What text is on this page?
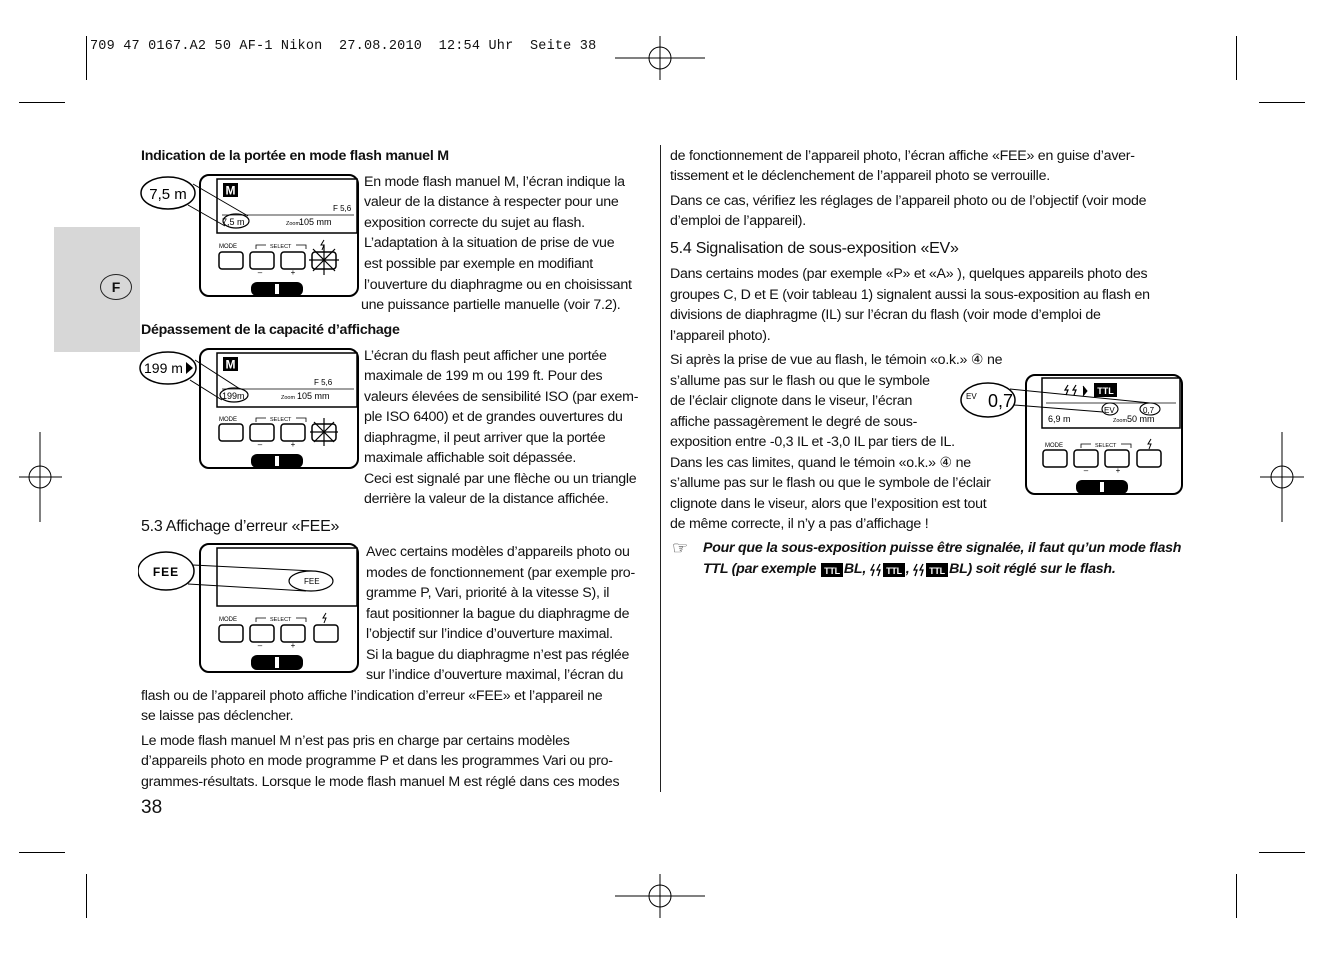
709 47 0167.A2 50 AF-1 Nikon  27.08.2010  12:54 Uhr  Seite 38
F
Indication de la portée en mode flash manuel M
En mode flash manuel M, l’écran indique la
valeur de la distance à respecter pour une
exposition correcte du sujet au flash.
L’adaptation à la situation de prise de vue
est possible par exemple en modifiant
l’ouverture du diaphragme ou en choisissant
une puissance partielle manuelle (voir 7.2).
Dépassement de la capacité d’affichage
L’écran du flash peut afficher une portée
maximale de 199 m ou 199 ft. Pour des
valeurs élevées de sensibilité ISO (par exem-
ple ISO 6400) et de grandes ouvertures du
diaphragme, il peut arriver que la portée
maximale affichable soit dépassée.
Ceci est signalé par une flèche ou un triangle
derrière la valeur de la distance affichée.
5.3 Affichage d’erreur «FEE»
Avec certains modèles d’appareils photo ou
modes de fonctionnement (par exemple pro-
gramme P, Vari, priorité à la vitesse S), il
faut positionner la bague du diaphragme de
l’objectif sur l’indice d’ouverture maximal.
Si la bague du diaphragme n’est pas réglée
sur l’indice d’ouverture maximal, l’écran du
flash ou de l’appareil photo affiche l’indication d’erreur «FEE» et l’appareil ne
se laisse pas déclencher.
Le mode flash manuel M n’est pas pris en charge par certains modèles
d’appareils photo en mode programme P et dans les programmes Vari ou pro-
grammes-résultats. Lorsque le mode flash manuel M est réglé dans ces modes
38
M
F 5,6
7,5 m	Zoom
105 mm
7,5 m
MODE	SELECT
–	+
M
F 5,6
199m	Zoom 105 mm
199 m
MODE	SELECT
–	+
FEE
FEE
MODE	SELECT
–	+
de fonctionnement de l’appareil photo, l’écran affiche «FEE» en guise d’aver-
tissement et le déclenchement de l’appareil photo se verrouille.
Dans ce cas, vérifiez les réglages de l’appareil photo ou de l’objectif (voir mode
d’emploi de l’appareil).
5.4 Signalisation de sous-exposition «EV»
Dans certains modes (par exemple «P» et «A» ), quelques appareils photo des
groupes C, D et E (voir tableau 1) signalent aussi la sous-exposition au flash en
divisions de diaphragme (IL) sur l’écran du flash (voir mode d’emploi de
l’appareil photo).
Si après la prise de vue au flash, le témoin «o.k.» ④ ne
s’allume pas sur le flash ou que le symbole
de l’éclair clignote dans le viseur, l’écran
affiche passagèrement le degré de sous-
exposition entre -0,3 IL et -3,0 IL par tiers de IL.
Dans les cas limites, quand le témoin «o.k.» ④ ne
s’allume pas sur le flash ou que le symbole de l’éclair
clignote dans le viseur, alors que l’exposition est tout
de même correcte, il n’y a pas d’affichage !
TTL
6,9 m
EV	0,7
Zoom 50 mm
EV 0,7
MODE	SELECT
–	+
☞ Pour que la sous-exposition puisse être signalée, il faut qu’un mode flash
TTL (par exemple TTL BL, TTL , TTL BL) soit réglé sur le flash.
